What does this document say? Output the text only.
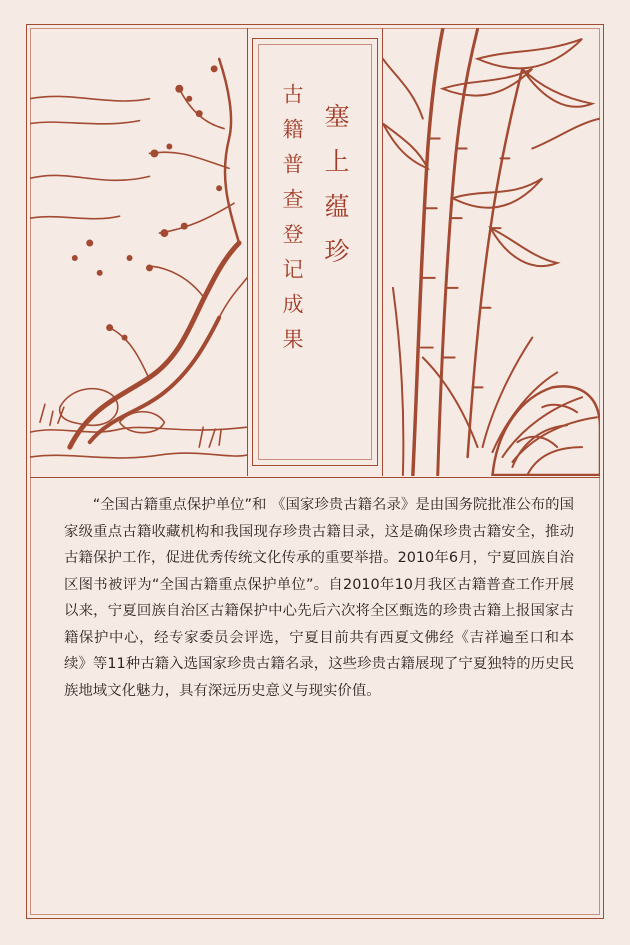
塞上蕴珍
古籍普查登记成果

“全国古籍重点保护单位”和 《国家珍贵古籍名录》是由国务院批准公布的国家级重点古籍收藏机构和我国现存珍贵古籍目录，这是确保珍贵古籍安全，推动古籍保护工作，促进优秀传统文化传承的重要举措。2010年6月，宁夏回族自治区图书被评为“全国古籍重点保护单位”。自2010年10月我区古籍普查工作开展以来，宁夏回族自治区古籍保护中心先后六次将全区甄选的珍贵古籍上报国家古籍保护中心，经专家委员会评选，宁夏目前共有西夏文佛经《吉祥遍至口和本续》等11种古籍入选国家珍贵古籍名录，这些珍贵古籍展现了宁夏独特的历史民族地域文化魅力，具有深远历史意义与现实价值。
